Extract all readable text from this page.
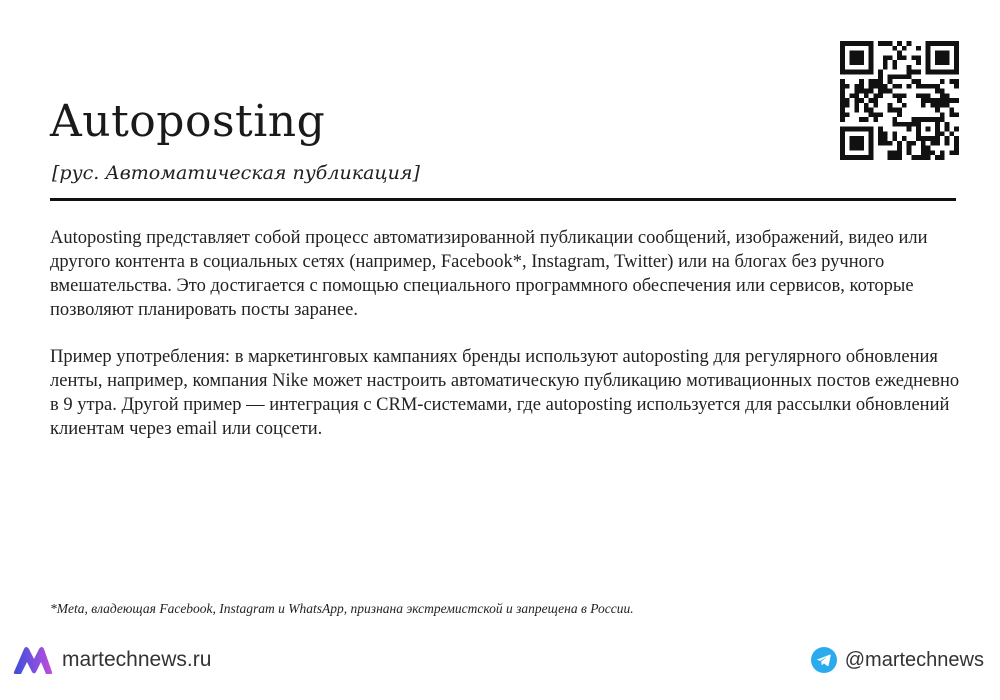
Autoposting
[рус. Автоматическая публикация]

Autoposting представляет собой процесс автоматизированной публикации сообщений, изображений, видео или другого контента в социальных сетях (например, Facebook*, Instagram, Twitter) или на блогах без ручного вмешательства. Это достигается с помощью специального программного обеспечения или сервисов, которые позволяют планировать посты заранее.

Пример употребления: в маркетинговых кампаниях бренды используют autoposting для регулярного обновления ленты, например, компания Nike может настроить автоматическую публикацию мотивационных постов ежедневно в 9 утра. Другой пример — интеграция с CRM-системами, где autoposting используется для рассылки обновлений клиентам через email или соцсети.

*Meta, владеющая Facebook, Instagram и WhatsApp, признана экстремистской и запрещена в России.
martechnews.ru	@martechnews
